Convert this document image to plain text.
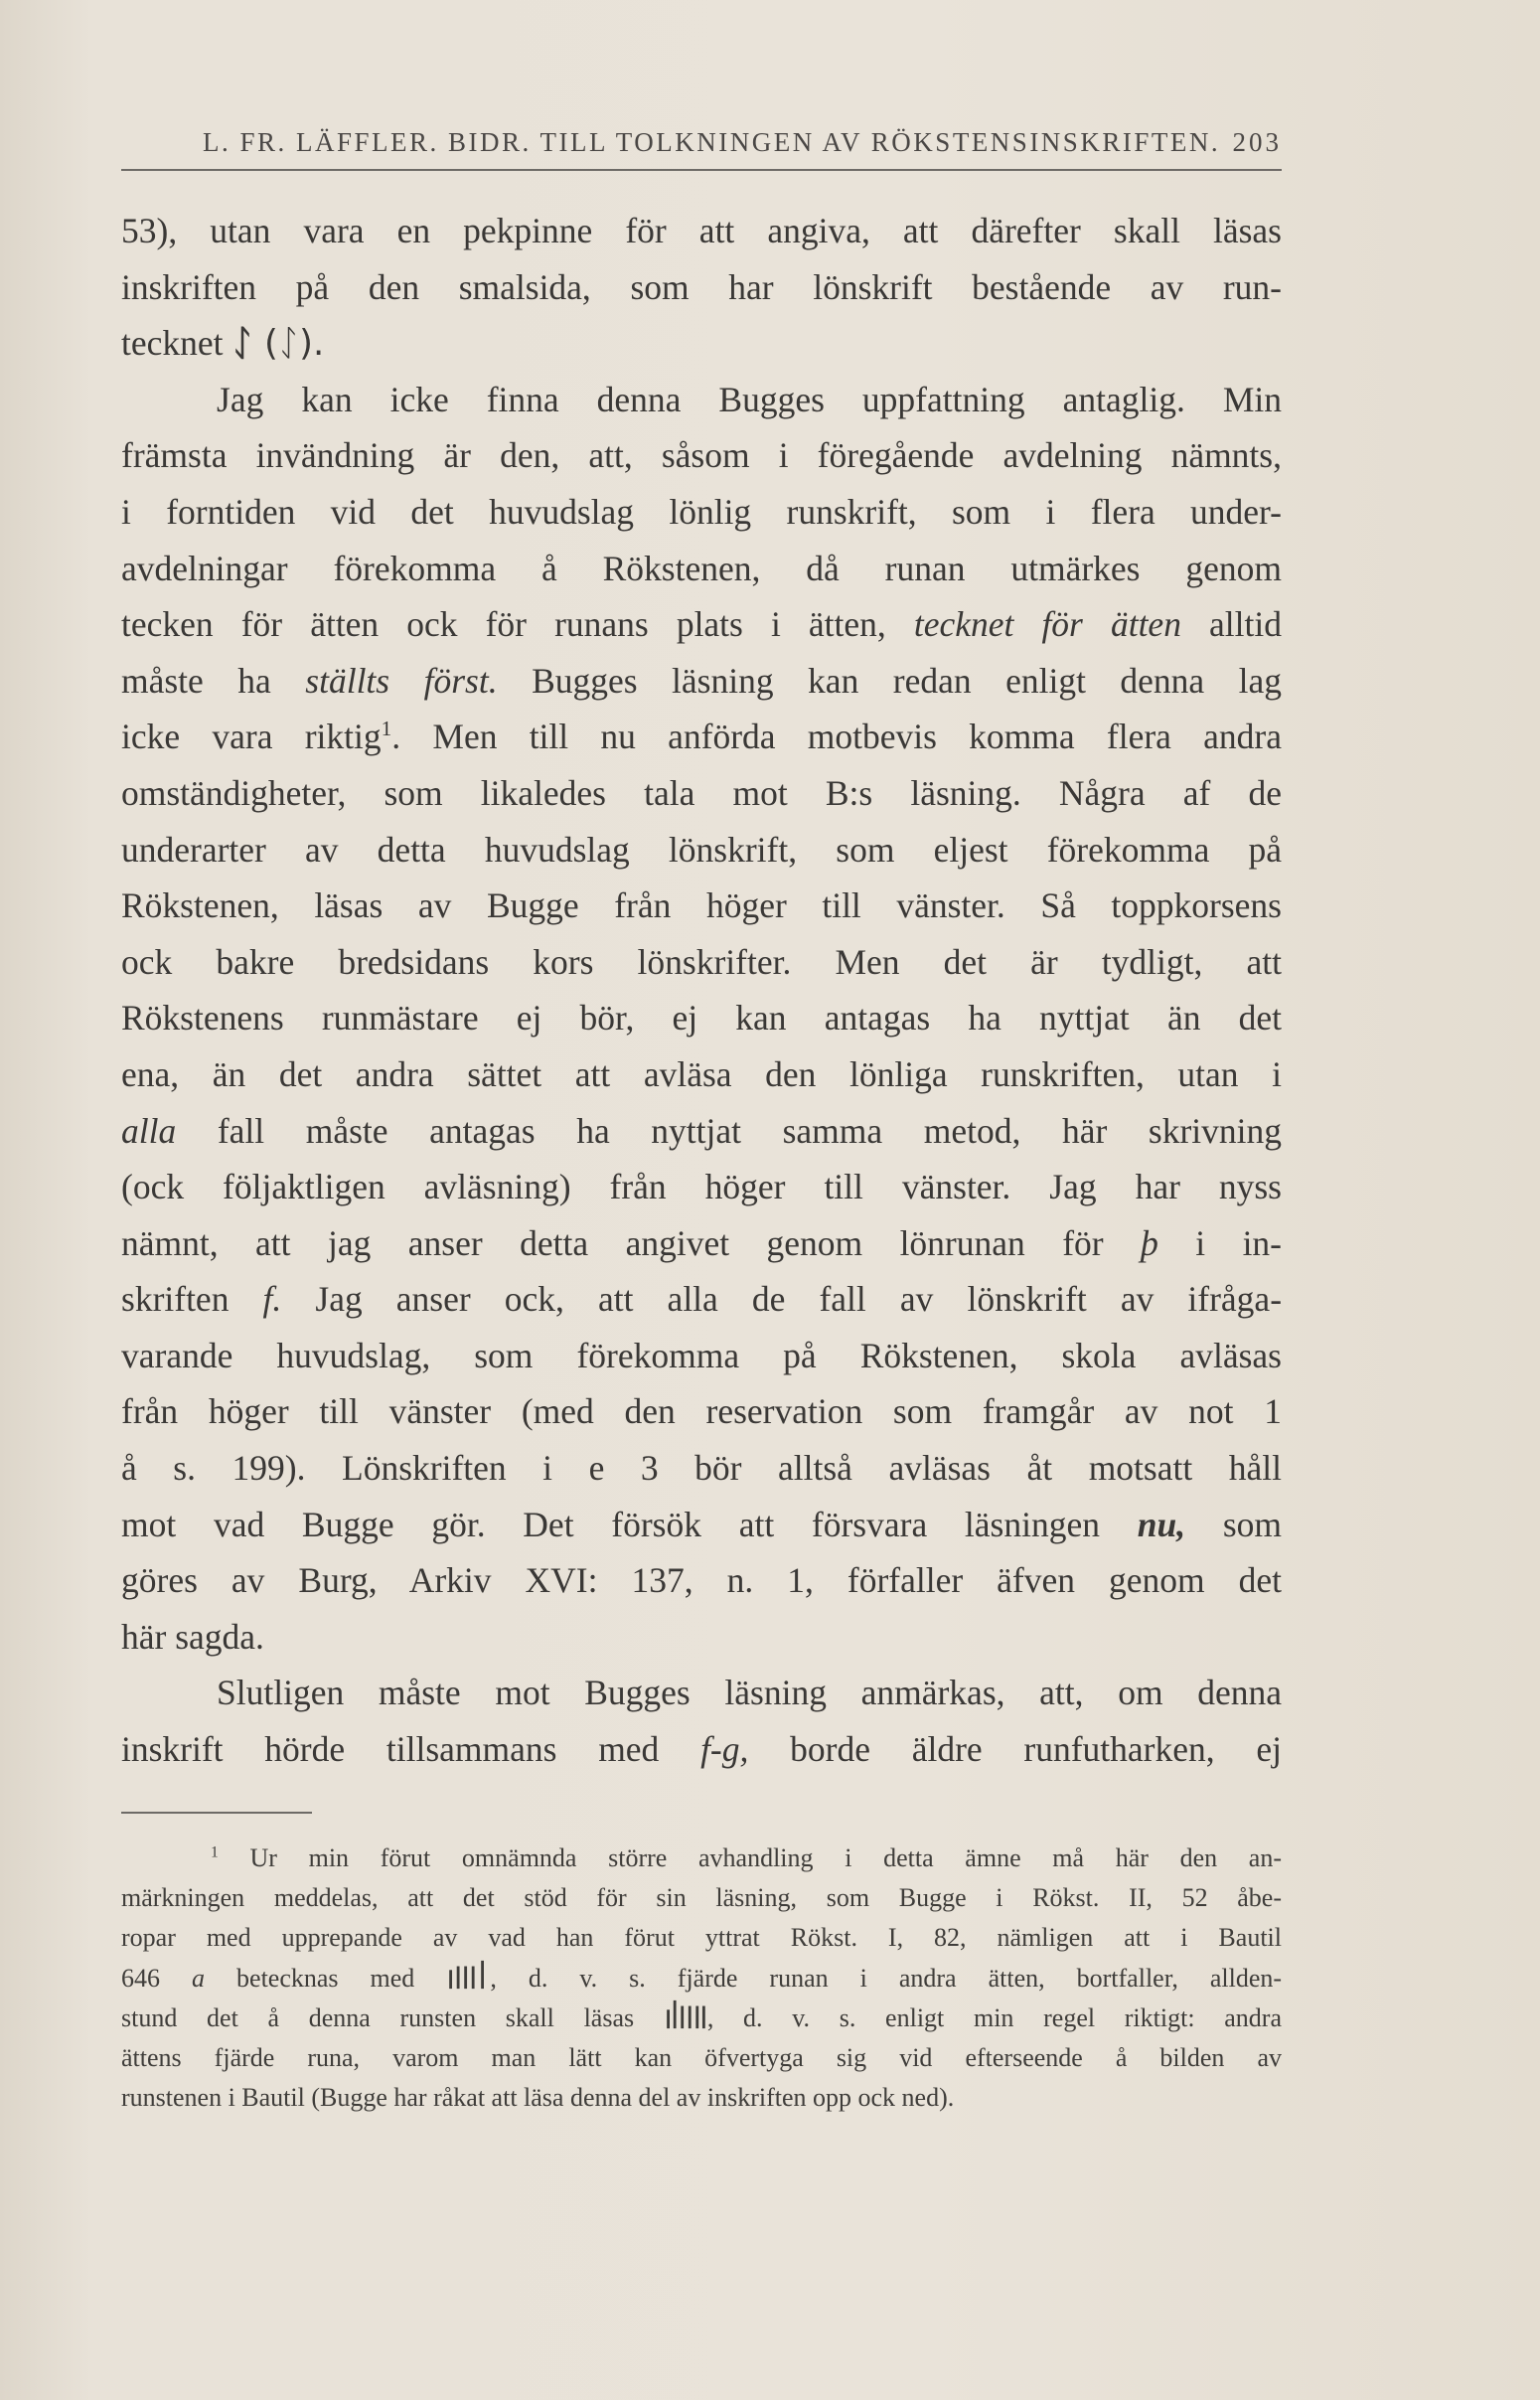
L. FR. LÄFFLER. BIDR. TILL TOLKNINGEN AV RÖKSTENSINSKRIFTEN. 203
53), utan vara en pekpinne för att angiva, att därefter skall läsas
inskriften på den smalsida, som har lönskrift bestående av run-
tecknet ᛇ (ᛇ).
Jag kan icke finna denna Bugges uppfattning antaglig. Min
främsta invändning är den, att, såsom i föregående avdelning nämnts,
i forntiden vid det huvudslag lönlig runskrift, som i flera under-
avdelningar förekomma å Rökstenen, då runan utmärkes genom
tecken för ätten ock för runans plats i ätten, tecknet för ätten alltid
måste ha ställts först. Bugges läsning kan redan enligt denna lag
icke vara riktig$^1$. Men till nu anförda motbevis komma flera andra
omständigheter, som likaledes tala mot B:s läsning. Några af de
underarter av detta huvudslag lönskrift, som eljest förekomma på
Rökstenen, läsas av Bugge från höger till vänster. Så toppkorsens
ock bakre bredsidans kors lönskrifter. Men det är tydligt, att
Rökstenens runmästare ej bör, ej kan antagas ha nyttjat än det
ena, än det andra sättet att avläsa den lönliga runskriften, utan i
alla fall måste antagas ha nyttjat samma metod, här skrivning
(ock följaktligen avläsning) från höger till vänster. Jag har nyss
nämnt, att jag anser detta angivet genom lönrunan för þ i in-
skriften f. Jag anser ock, att alla de fall av lönskrift av ifråga-
varande huvudslag, som förekomma på Rökstenen, skola avläsas
från höger till vänster (med den reservation som framgår av not 1
å s. 199). Lönskriften i e 3 bör alltså avläsas åt motsatt håll
mot vad Bugge gör. Det försök att försvara läsningen nu, som
göres av Burg, Arkiv XVI: 137, n. 1, förfaller äfven genom det
här sagda.
Slutligen måste mot Bugges läsning anmärkas, att, om denna
inskrift hörde tillsammans med f-g, borde äldre runfutharken, ej
$^1$ Ur min förut omnämnda större avhandling i detta ämne må här den an-
märkningen meddelas, att det stöd för sin läsning, som Bugge i Rökst. II, 52 åbe-
ropar med upprepande av vad han förut yttrat Rökst. I, 82, nämligen att i Bautil
646 a betecknas med	, d. v. s. fjärde runan i andra ätten, bortfaller, allden-
stund det å denna runsten skall läsas	, d. v. s. enligt min regel riktigt: andra
ättens fjärde runa, varom man lätt kan öfvertyga sig vid efterseende å bilden av
runstenen i Bautil (Bugge har råkat att läsa denna del av inskriften opp ock ned).
